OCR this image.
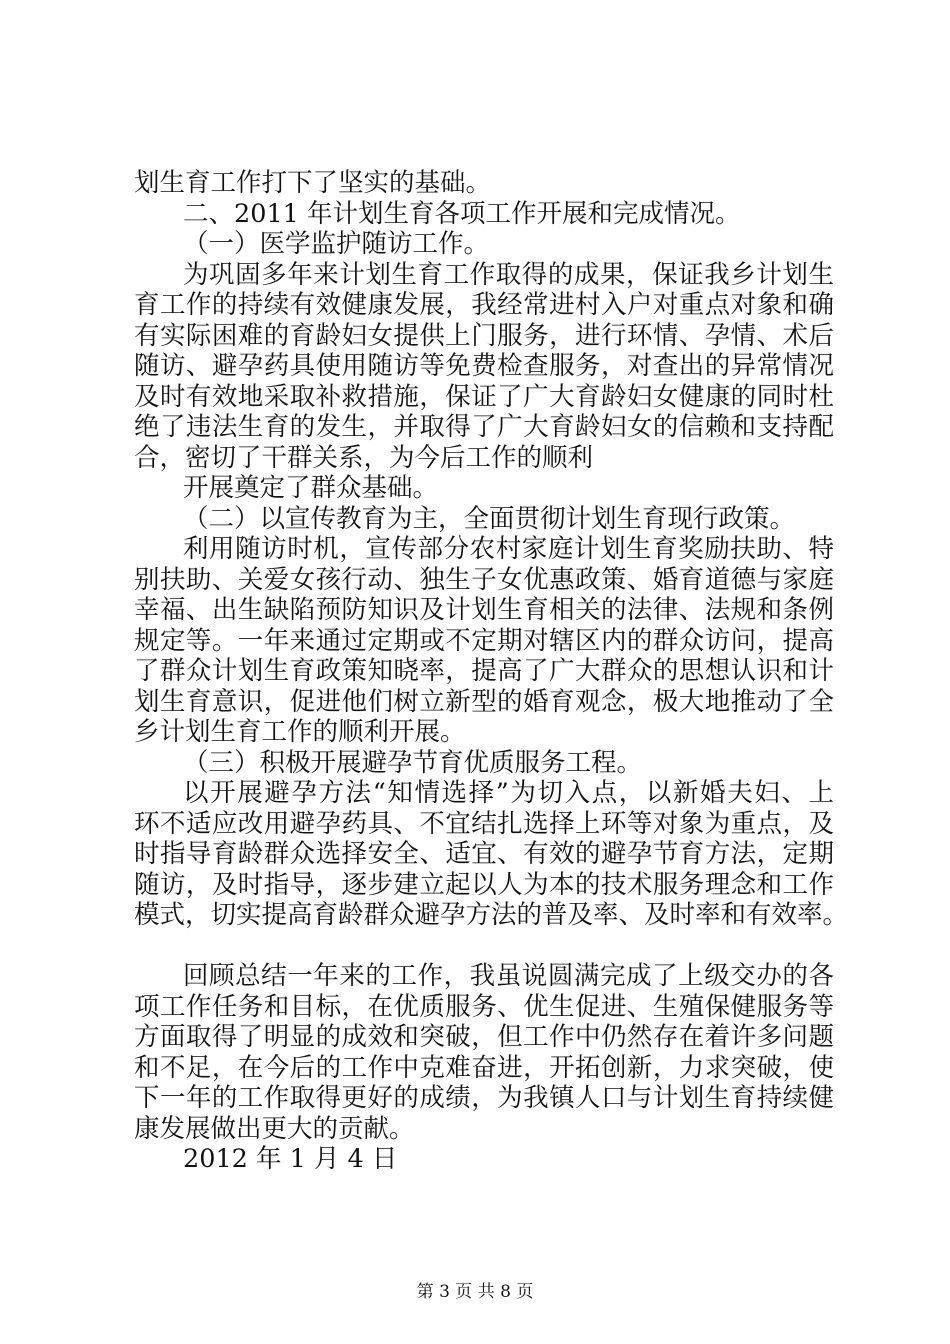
划生育工作打下了坚实的基础。
二、2011 年计划生育各项工作开展和完成情况。
（一）医学监护随访工作。
为巩固多年来计划生育工作取得的成果，保证我乡计划生
育工作的持续有效健康发展，我经常进村入户对重点对象和确
有实际困难的育龄妇女提供上门服务，进行环情、孕情、术后
随访、避孕药具使用随访等免费检查服务，对查出的异常情况
及时有效地采取补救措施，保证了广大育龄妇女健康的同时杜
绝了违法生育的发生，并取得了广大育龄妇女的信赖和支持配
合，密切了干群关系，为今后工作的顺利
开展奠定了群众基础。
（二）以宣传教育为主，全面贯彻计划生育现行政策。
利用随访时机，宣传部分农村家庭计划生育奖励扶助、特
别扶助、关爱女孩行动、独生子女优惠政策、婚育道德与家庭
幸福、出生缺陷预防知识及计划生育相关的法律、法规和条例
规定等。一年来通过定期或不定期对辖区内的群众访问，提高
了群众计划生育政策知晓率，提高了广大群众的思想认识和计
划生育意识，促进他们树立新型的婚育观念，极大地推动了全
乡计划生育工作的顺利开展。
（三）积极开展避孕节育优质服务工程。
以开展避孕方法“知情选择”为切入点，以新婚夫妇、上
环不适应改用避孕药具、不宜结扎选择上环等对象为重点，及
时指导育龄群众选择安全、适宜、有效的避孕节育方法，定期
随访，及时指导，逐步建立起以人为本的技术服务理念和工作
模式，切实提高育龄群众避孕方法的普及率、及时率和有效率。
回顾总结一年来的工作，我虽说圆满完成了上级交办的各
项工作任务和目标，在优质服务、优生促进、生殖保健服务等
方面取得了明显的成效和突破，但工作中仍然存在着许多问题
和不足，在今后的工作中克难奋进，开拓创新，力求突破，使
下一年的工作取得更好的成绩，为我镇人口与计划生育持续健
康发展做出更大的贡献。
2012 年 1 月 4 日
第 3 页 共 8 页
